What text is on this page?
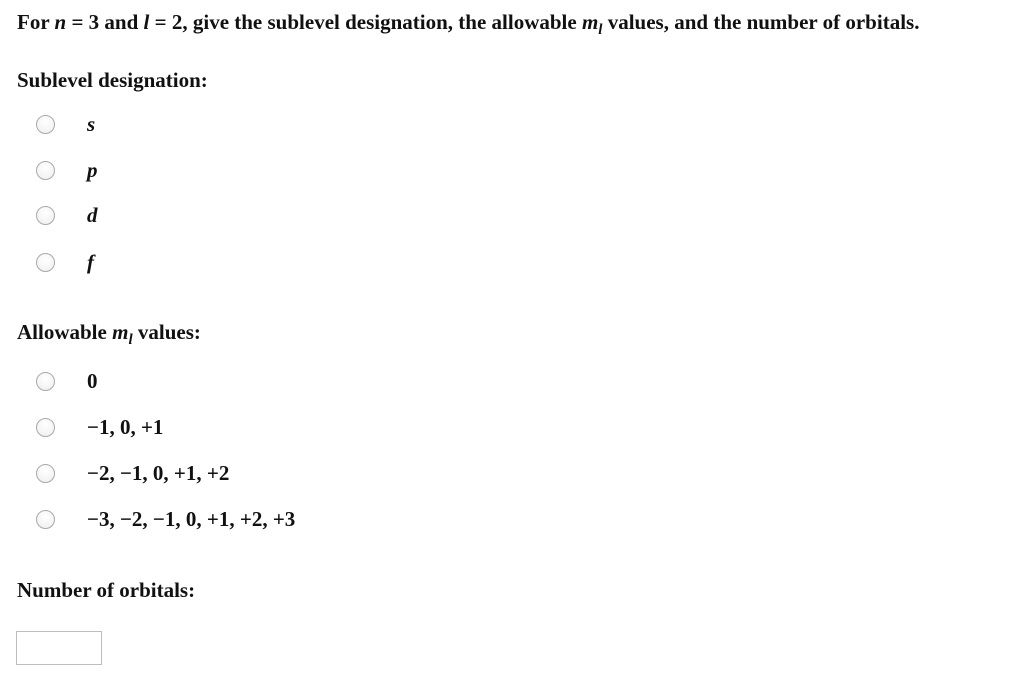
For n = 3 and l = 2, give the sublevel designation, the allowable $m_l$ values, and the number of orbitals.
Sublevel designation:
s
p
d
f
Allowable $m_l$ values:
0
−1, 0, +1
−2, −1, 0, +1, +2
−3, −2, −1, 0, +1, +2, +3
Number of orbitals:
